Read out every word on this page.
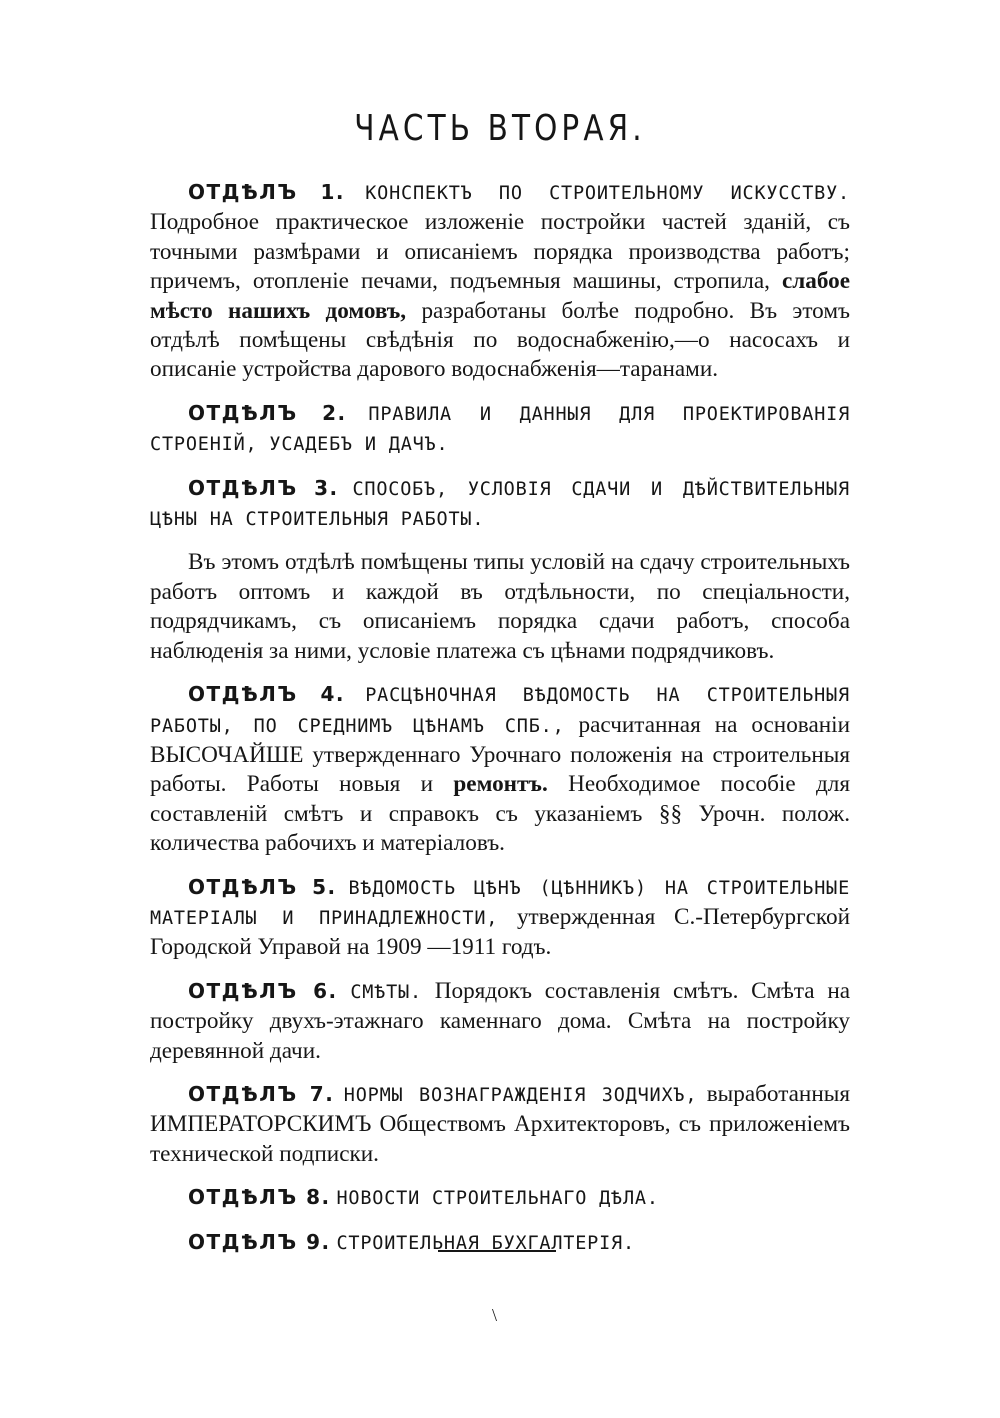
ЧАСТЬ ВТОРАЯ.

ОТДѢЛЪ 1. КОНСПЕКТЪ ПО СТРОИТЕЛЬНОМУ ИСКУССТВУ. Подробное практическое изложеніе постройки частей зданій, съ точными размѣрами и описаніемъ порядка производства работъ; причемъ, отопленіе печами, подъемныя машины, стропила, слабое мѣсто нашихъ домовъ, разработаны болѣе подробно. Въ этомъ отдѣлѣ помѣщены свѣдѣнія по водоснабженію,—о насосахъ и описаніе устройства дарового водоснабженія—таранами.

ОТДѢЛЪ 2. ПРАВИЛА И ДАННЫЯ ДЛЯ ПРОЕКТИРОВАНІЯ СТРОЕНІЙ, УСАДЕБЪ И ДАЧЪ.

ОТДѢЛЪ 3. СПОСОБЪ, УСЛОВІЯ СДАЧИ И ДѢЙСТВИТЕЛЬНЫЯ ЦѢНЫ НА СТРОИТЕЛЬНЫЯ РАБОТЫ.

Въ этомъ отдѣлѣ помѣщены типы условій на сдачу строительныхъ работъ оптомъ и каждой въ отдѣльности, по спеціальности, подрядчикамъ, съ описаніемъ порядка сдачи работъ, способа наблюденія за ними, условіе платежа съ цѣнами подрядчиковъ.

ОТДѢЛЪ 4. РАСЦѢНОЧНАЯ ВѢДОМОСТЬ НА СТРОИТЕЛЬНЫЯ РАБОТЫ, ПО СРЕДНИМЪ ЦѢНАМЪ СПБ., расчитанная на основаніи ВЫСОЧАЙШЕ утвержденнаго Урочнаго положенія на строительныя работы. Работы новыя и ремонтъ. Необходимое пособіе для составленій смѣтъ и справокъ съ указаніемъ §§ Урочн. полож. количества рабочихъ и матеріаловъ.

ОТДѢЛЪ 5. ВѢДОМОСТЬ ЦѢНЪ (ЦѢННИКЪ) НА СТРОИТЕЛЬНЫЕ МАТЕРІАЛЫ И ПРИНАДЛЕЖНОСТИ, утвержденная С.-Петербургской Городской Управой на 1909 —1911 годъ.

ОТДѢЛЪ 6. СМѢТЫ. Порядокъ составленія смѣтъ. Смѣта на постройку двухъ-этажнаго каменнаго дома. Смѣта на постройку деревянной дачи.

ОТДѢЛЪ 7. НОРМЫ ВОЗНАГРАЖДЕНІЯ ЗОДЧИХЪ, выработанныя ИМПЕРАТОРСКИМЪ Обществомъ Архитекторовъ, съ приложеніемъ технической подписки.

ОТДѢЛЪ 8. НОВОСТИ СТРОИТЕЛЬНАГО ДѢЛА.

ОТДѢЛЪ 9. СТРОИТЕЛЬНАЯ БУХГАЛТЕРІЯ.

\
